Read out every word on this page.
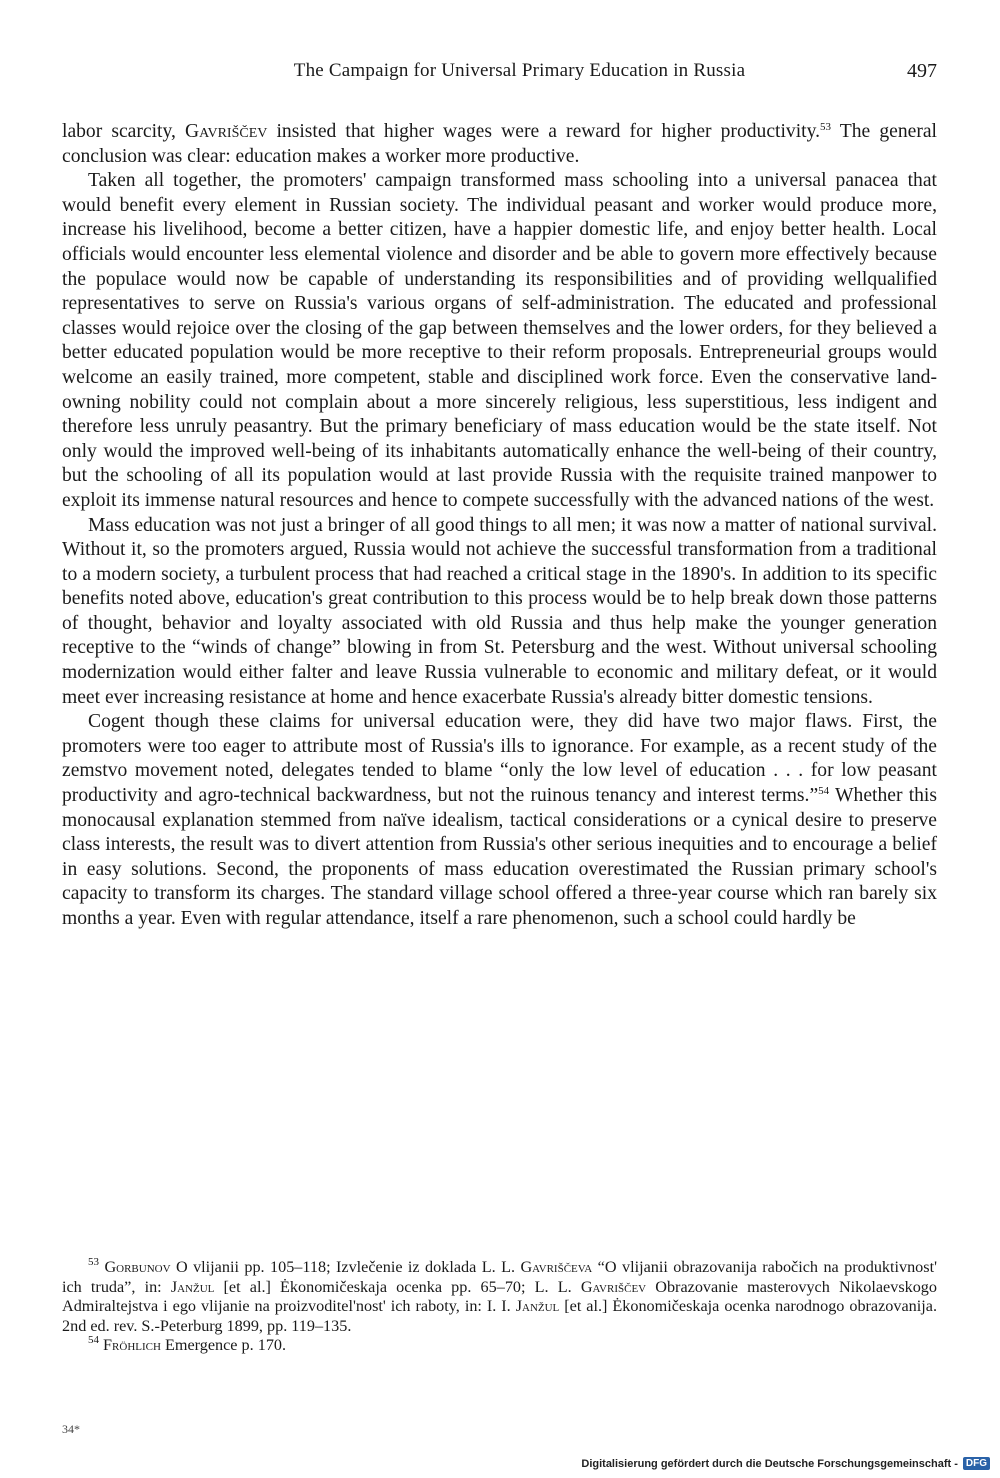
The Campaign for Universal Primary Education in Russia	497

labor scarcity, Gavriščev insisted that higher wages were a reward for higher productivity.$^{53}$ The general conclusion was clear: education makes a worker more productive.

Taken all together, the promoters' campaign transformed mass schooling into a universal panacea that would benefit every element in Russian society. The individual peasant and worker would produce more, increase his livelihood, become a better citizen, have a happier domestic life, and enjoy better health. Local officials would encounter less elemental violence and disorder and be able to govern more effectively because the populace would now be capable of understanding its responsibilities and of providing wellqualified representatives to serve on Russia's various organs of self-administration. The educated and professional classes would rejoice over the closing of the gap between themselves and the lower orders, for they believed a better educated population would be more receptive to their reform proposals. Entrepreneurial groups would welcome an easily trained, more competent, stable and disciplined work force. Even the conservative landowning nobility could not complain about a more sincerely religious, less superstitious, less indigent and therefore less unruly peasantry. But the primary beneficiary of mass education would be the state itself. Not only would the improved well-being of its inhabitants automatically enhance the well-being of their country, but the schooling of all its population would at last provide Russia with the requisite trained manpower to exploit its immense natural resources and hence to compete successfully with the advanced nations of the west.

Mass education was not just a bringer of all good things to all men; it was now a matter of national survival. Without it, so the promoters argued, Russia would not achieve the successful transformation from a traditional to a modern society, a turbulent process that had reached a critical stage in the 1890's. In addition to its specific benefits noted above, education's great contribution to this process would be to help break down those patterns of thought, behavior and loyalty associated with old Russia and thus help make the younger generation receptive to the “winds of change” blowing in from St. Petersburg and the west. Without universal schooling modernization would either falter and leave Russia vulnerable to economic and military defeat, or it would meet ever increasing resistance at home and hence exacerbate Russia's already bitter domestic tensions.

Cogent though these claims for universal education were, they did have two major flaws. First, the promoters were too eager to attribute most of Russia's ills to ignorance. For example, as a recent study of the zemstvo movement noted, delegates tended to blame “only the low level of education . . . for low peasant productivity and agro-technical backwardness, but not the ruinous tenancy and interest terms.”$^{54}$ Whether this monocausal explanation stemmed from naïve idealism, tactical considerations or a cynical desire to preserve class interests, the result was to divert attention from Russia's other serious inequities and to encourage a belief in easy solutions. Second, the proponents of mass education overestimated the Russian primary school's capacity to transform its charges. The standard village school offered a three-year course which ran barely six months a year. Even with regular attendance, itself a rare phenomenon, such a school could hardly be

$^{53}$ Gorbunov O vlijanii pp. 105–118; Izvlečenie iz doklada L. L. Gavriščeva “O vlijanii obrazovanija rabočich na produktivnost' ich truda”, in: Janžul [et al.] Ėkonomičeskaja ocenka pp. 65–70; L. L. Gavriščev Obrazovanie masterovych Nikolaevskogo Admiraltejstva i ego vlijanie na proizvoditel'nost' ich raboty, in: I. I. Janžul [et al.] Ėkonomičeskaja ocenka narodnogo obrazovanija. 2nd ed. rev. S.-Peterburg 1899, pp. 119–135.

$^{54}$ Fröhlich Emergence p. 170.

34*
Digitalisierung gefördert durch die Deutsche Forschungsgemeinschaft - DFG
